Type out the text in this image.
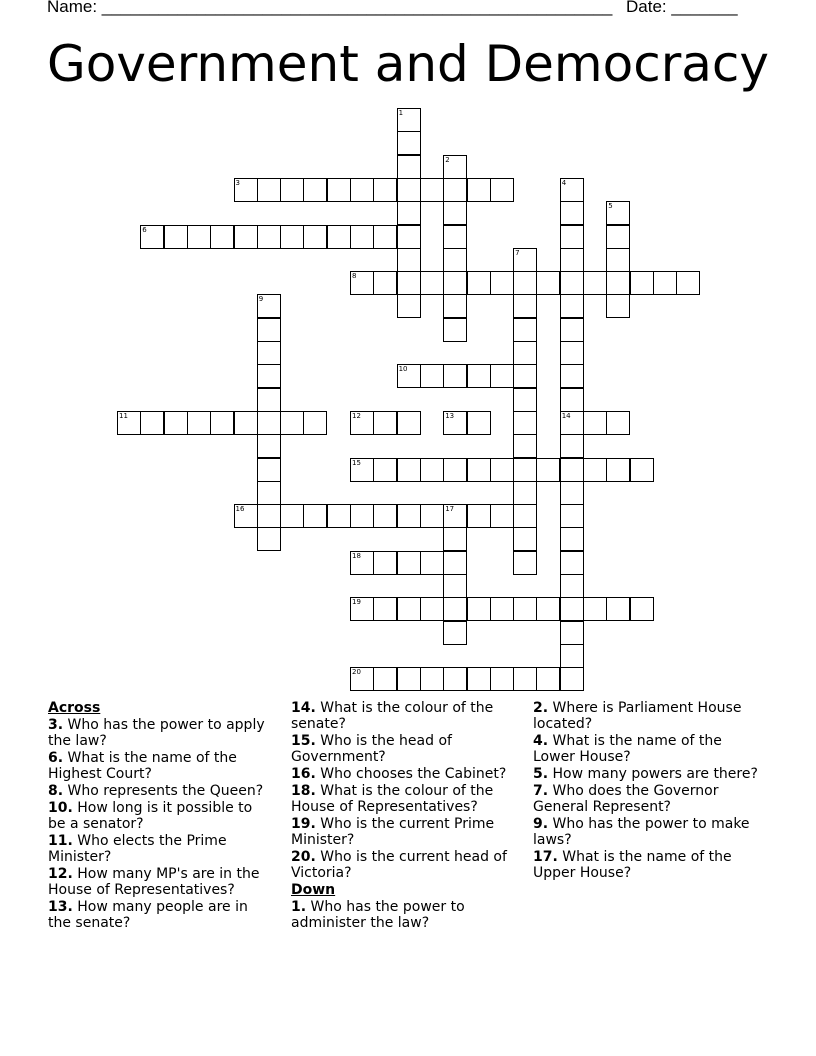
Name: ______________________________________________________ Date: _______
Government and Democracy
1
2
3	4
14
5
6
7
8
9
10
11	12	13
15
16	17
18
19
20
Across
3. Who has the power to apply the law?
6. What is the name of the Highest Court?
8. Who represents the Queen?
10. How long is it possible to be a senator?
11. Who elects the Prime Minister?
12. How many MP's are in the House of Representatives?
13. How many people are in the senate?
14. What is the colour of the senate?
15. Who is the head of Government?
16. Who chooses the Cabinet?
18. What is the colour of the House of Representatives?
19. Who is the current Prime Minister?
20. Who is the current head of Victoria?
Down
1. Who has the power to administer the law?
2. Where is Parliament House located?
4. What is the name of the Lower House?
5. How many powers are there?
7. Who does the Governor General Represent?
9. Who has the power to make laws?
17. What is the name of the Upper House?
